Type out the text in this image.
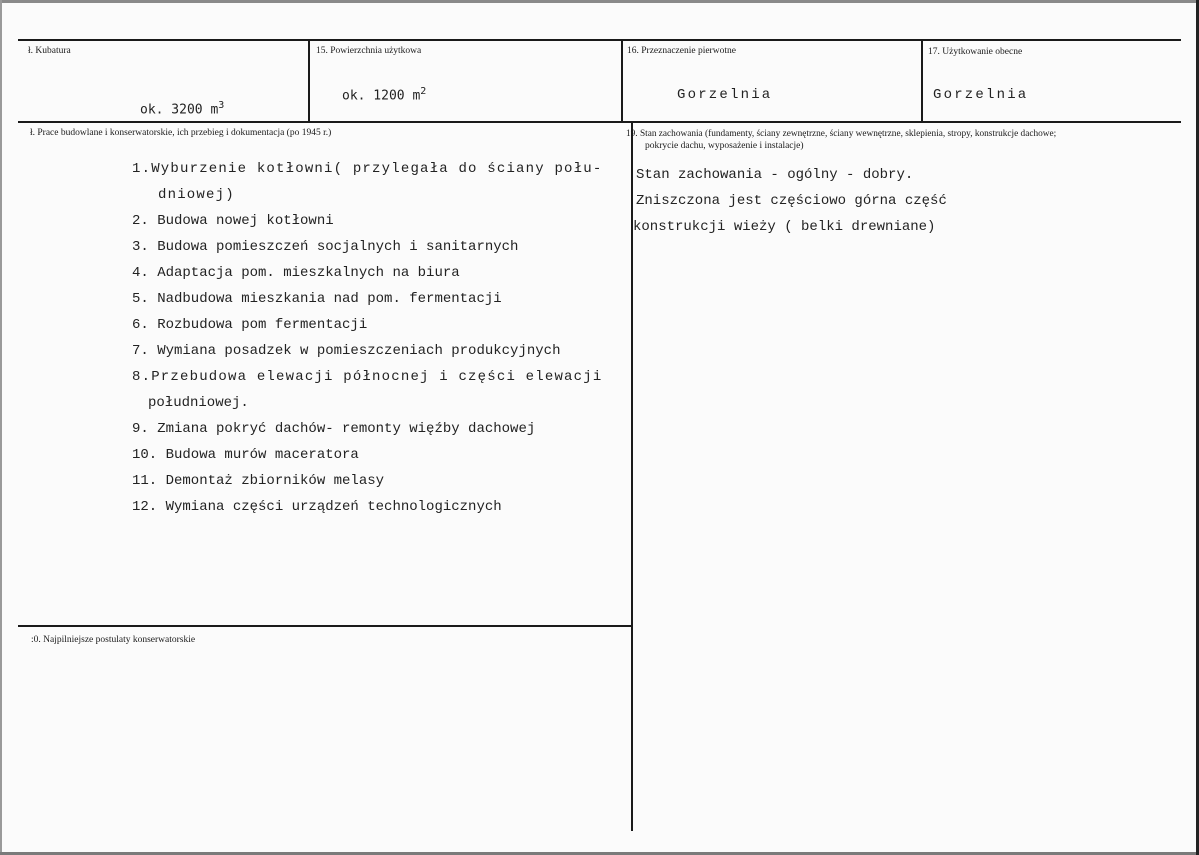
ł. Kubatura
ok. 3200 $m^3$
15. Powierzchnia użytkowa
ok. 1200 $m^2$
16. Przeznaczenie pierwotne
Gorzelnia
17. Użytkowanie obecne
Gorzelnia
ł. Prace budowlane i konserwatorskie, ich przebieg i dokumentacja (po 1945 r.)
1.Wyburzenie kotłowni( przylegała do ściany połu-
dniowej)
2. Budowa nowej kotłowni
3. Budowa pomieszczeń socjalnych i sanitarnych
4. Adaptacja pom. mieszkalnych na biura
5. Nadbudowa mieszkania nad pom. fermentacji
6. Rozbudowa pom fermentacji
7. Wymiana posadzek w pomieszczeniach produkcyjnych
8.Przebudowa elewacji północnej i części elewacji
południowej.
9. Zmiana pokryć dachów- remonty więźby dachowej
10. Budowa murów maceratora
11. Demontaż zbiorników melasy
12. Wymiana części urządzeń technologicznych
19. Stan zachowania (fundamenty, ściany zewnętrzne, ściany wewnętrzne, sklepienia, stropy, konstrukcje dachowe;
pokrycie dachu, wyposażenie i instalacje)
Stan zachowania - ogólny - dobry.
Zniszczona jest częściowo górna część
konstrukcji wieży ( belki drewniane)
:0. Najpilniejsze postulaty konserwatorskie
